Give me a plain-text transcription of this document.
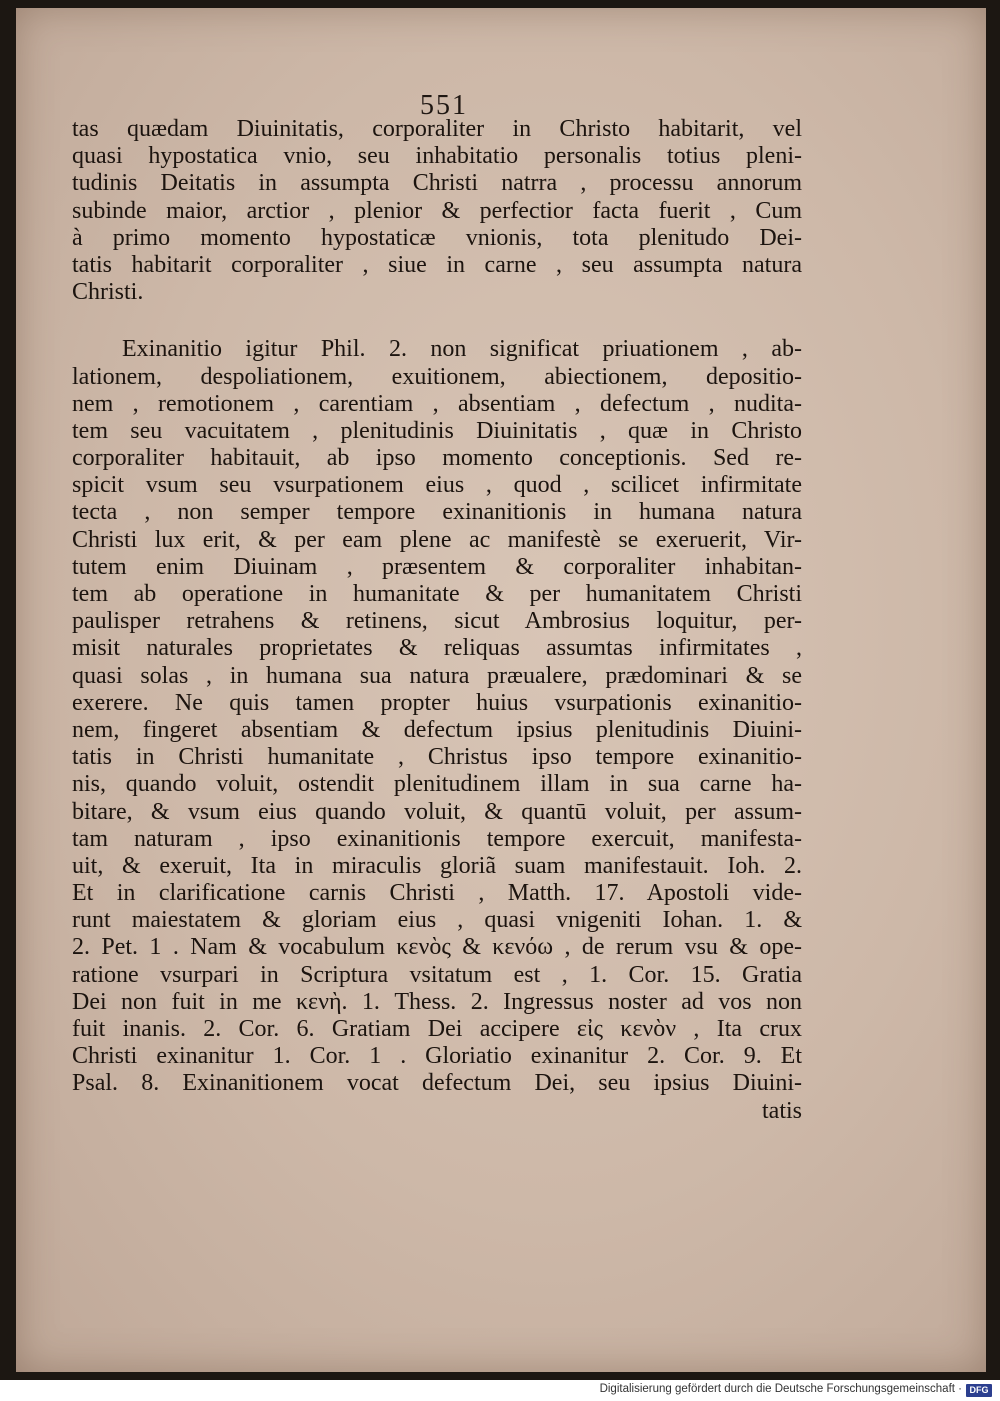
551
tas quædam Diuinitatis, corporaliter in Christo habitarit, vel
quasi hypostatica vnio, seu inhabitatio personalis totius pleni-
tudinis Deitatis in assumpta Christi natrra , processu annorum
subinde maior, arctior , plenior & perfectior facta fuerit , Cum
à primo momento hypostaticæ vnionis, tota plenitudo Dei-
tatis habitarit corporaliter , siue in carne , seu assumpta natura
Christi.
Exinanitio igitur Phil. 2. non significat priuationem , ab-
lationem, despoliationem, exuitionem, abiectionem, depositio-
nem , remotionem , carentiam , absentiam , defectum , nudita-
tem seu vacuitatem , plenitudinis Diuinitatis , quæ in Christo
corporaliter habitauit, ab ipso momento conceptionis. Sed re-
spicit vsum seu vsurpationem eius , quod , scilicet infirmitate
tecta , non semper tempore exinanitionis in humana natura
Christi lux erit, & per eam plene ac manifestè se exeruerit, Vir-
tutem enim Diuinam , præsentem & corporaliter inhabitan-
tem ab operatione in humanitate & per humanitatem Christi
paulisper retrahens & retinens, sicut Ambrosius loquitur, per-
misit naturales proprietates & reliquas assumtas infirmitates ,
quasi solas , in humana sua natura præualere, prædominari & se
exerere. Ne quis tamen propter huius vsurpationis exinanitio-
nem, fingeret absentiam & defectum ipsius plenitudinis Diuini-
tatis in Christi humanitate , Christus ipso tempore exinanitio-
nis, quando voluit, ostendit plenitudinem illam in sua carne ha-
bitare, & vsum eius quando voluit, & quantū voluit, per assum-
tam naturam , ipso exinanitionis tempore exercuit, manifesta-
uit, & exeruit, Ita in miraculis gloriã suam manifestauit. Ioh. 2.
Et in clarificatione carnis Christi , Matth. 17. Apostoli vide-
runt maiestatem & gloriam eius , quasi vnigeniti Iohan. 1. &
2. Pet. 1 . Nam & vocabulum κενὸς & κενόω , de rerum vsu & ope-
ratione vsurpari in Scriptura vsitatum est , 1. Cor. 15. Gratia
Dei non fuit in me κενὴ. 1. Thess. 2. Ingressus noster ad vos non
fuit inanis. 2. Cor. 6. Gratiam Dei accipere εἰς κενὸν , Ita crux
Christi exinanitur 1. Cor. 1 . Gloriatio exinanitur 2. Cor. 9. Et
Psal. 8. Exinanitionem vocat defectum Dei, seu ipsius Diuini-
tatis
Digitalisierung gefördert durch die Deutsche Forschungsgemeinschaft · DFG
